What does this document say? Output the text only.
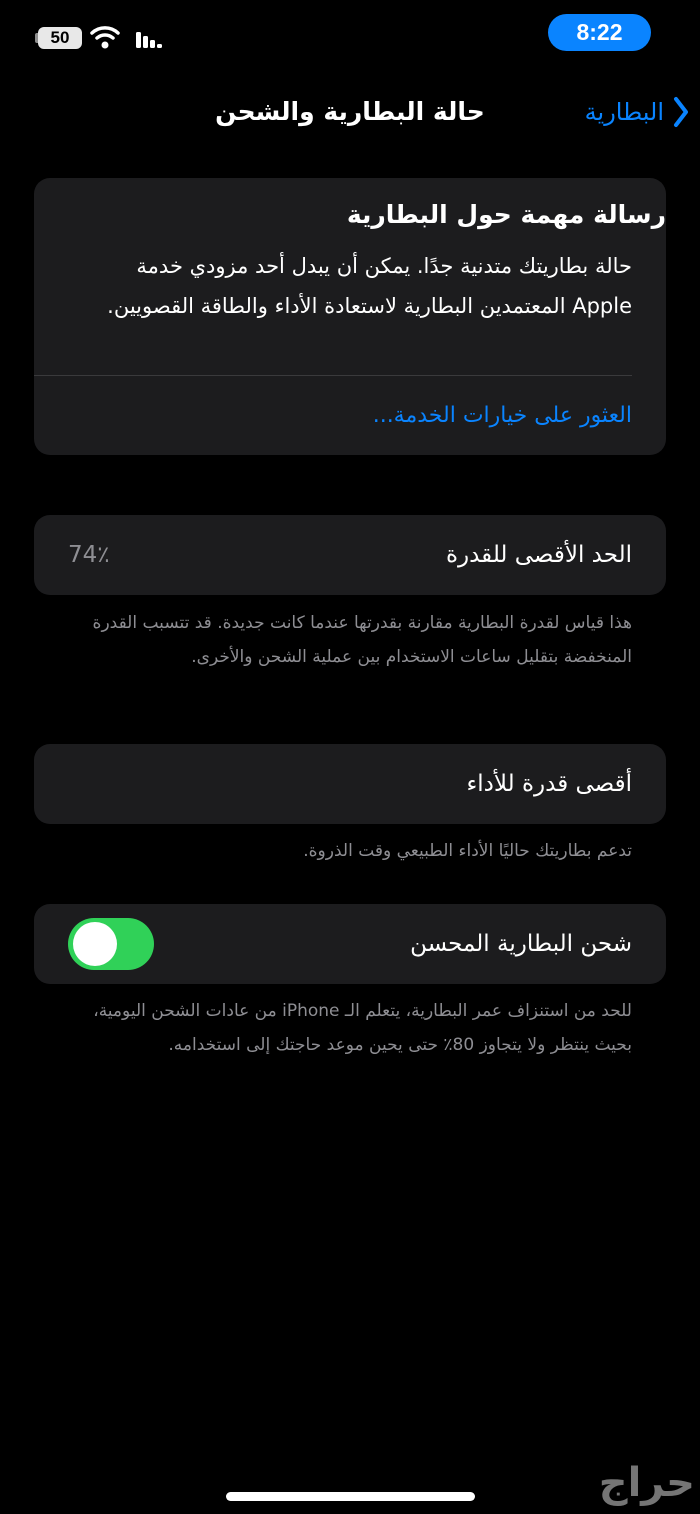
50	8:22
حالة البطارية والشحن	البطارية
رسالة مهمة حول البطارية
حالة بطاريتك متدنية جدًا. يمكن أن يبدل أحد مزودي خدمة Apple المعتمدين البطارية لاستعادة الأداء والطاقة القصويين.
العثور على خيارات الخدمة...
الحد الأقصى للقدرة
74٪
هذا قياس لقدرة البطارية مقارنة بقدرتها عندما كانت جديدة. قد تتسبب القدرة المنخفضة بتقليل ساعات الاستخدام بين عملية الشحن والأخرى.
أقصى قدرة للأداء
تدعم بطاريتك حاليًا الأداء الطبيعي وقت الذروة.
شحن البطارية المحسن
للحد من استنزاف عمر البطارية، يتعلم الـ iPhone من عادات الشحن اليومية، بحيث ينتظر ولا يتجاوز 80٪ حتى يحين موعد حاجتك إلى استخدامه.
حراج
